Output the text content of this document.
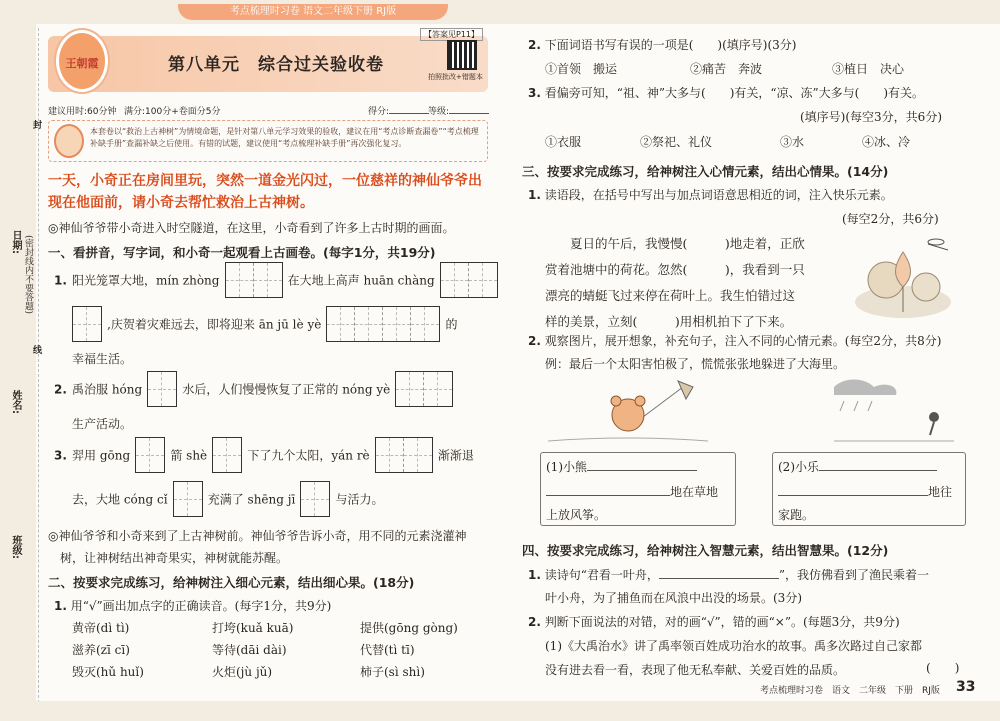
考点梳理时习卷 语文二年级下册 RJ版
日期: (密封线内不要答题)
封
线
姓名:
班级:
王朝霞	第八单元　综合过关验收卷
【答案见P11】
拍照批改+错题本
建议用时:60分钟 满分:100分+卷面分5分	得分:	等级:
本套卷以“救治上古神树”为情境命题，是针对第八单元学习效果的验收，建议在用“考点诊断查漏卷”“考点梳理补缺手册”查漏补缺之后使用。有错的试题，建议使用“考点梳理补缺手册”再次强化复习。
一天，小奇正在房间里玩，突然一道金光闪过，一位慈祥的神仙爷爷出现在他面前，请小奇去帮忙救治上古神树。
◎神仙爷爷带小奇进入时空隧道，在这里，小奇看到了许多上古时期的画面。
一、看拼音，写字词，和小奇一起观看上古画卷。(每字1分，共19分)
1. 阳光笼罩大地，mín zhòng	在大地上高声 huān chàng
,庆贺着灾难远去，即将迎来 ān jū lè yè	的
幸福生活。
2. 禹治服 hóng	水后，人们慢慢恢复了正常的 nóng yè
生产活动。
3. 羿用 gōng	箭 shè	下了九个太阳，yán rè	渐渐退
去，大地 cóng cǐ	充满了 shēng jī	与活力。
◎神仙爷爷和小奇来到了上古神树前。神仙爷爷告诉小奇，用不同的元素浇灌神
树，让神树结出神奇果实，神树就能苏醒。
二、按要求完成练习，给神树注入细心元素，结出细心果。(18分)
1. 用“√”画出加点字的正确读音。(每字1分，共9分)
黄帝(dì tì)	打垮(kuǎ kuā)	提供(gōng gòng)
滋养(zī cī)	等待(dāi dài)	代替(tì tī)
毁灭(hǔ huǐ)	火炬(jù jǔ)	柿子(sì shì)
2. 下面词语书写有误的一项是(　　)(填序号)(3分)
①首领　搬运	②痛苦　奔波	③植日　决心
3. 看偏旁可知，“祖、神”大多与(　　)有关，“凉、冻”大多与(　　)有关。
(填序号)(每空3分，共6分)
①衣服	②祭祀、礼仪	③水	④冰、冷
三、按要求完成练习，给神树注入心情元素，结出心情果。(14分)
1. 读语段，在括号中写出与加点词语意思相近的词，注入快乐元素。
(每空2分，共6分)
夏日的午后，我慢慢(　　　)地走着，正欣
赏着池塘中的荷花。忽然(　　　)，我看到一只
漂亮的蜻蜓飞过来停在荷叶上。我生怕错过这
样的美景，立刻(　　　)用相机拍下了下来。
2. 观察图片，展开想象，补充句子，注入不同的心情元素。(每空2分，共8分)
例：最后一个太阳害怕极了，慌慌张张地躲进了大海里。
(1)小熊
地在草地
上放风筝。
(2)小乐
地往
家跑。
四、按要求完成练习，给神树注入智慧元素，结出智慧果。(12分)
1. 读诗句“君看一叶舟，	”，我仿佛看到了渔民乘着一
叶小舟，为了捕鱼而在风浪中出没的场景。(3分)
2. 判断下面说法的对错，对的画“√”，错的画“×”。(每题3分，共9分)
(1)《大禹治水》讲了禹率领百姓成功治水的故事。禹多次路过自己家都
没有进去看一看，表现了他无私奉献、关爱百姓的品质。	( )
考点梳理时习卷　语文　二年级　下册　RJ版 33
